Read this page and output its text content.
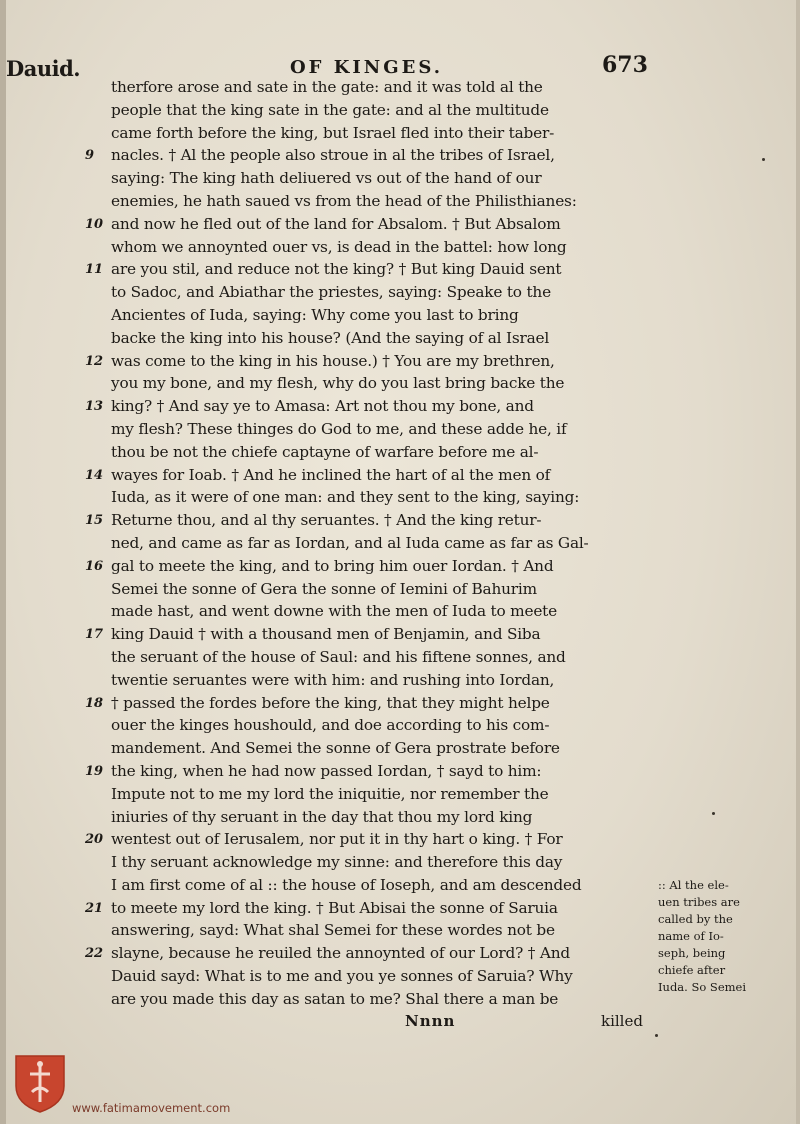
Dauid.	OF KINGES.	673
therfore arose and sate in the gate: and it was told al the
people that the king sate in the gate: and al the multitude
came forth before the king, but Israel fled into their taber-
9	nacles. † Al the people also stroue in al the tribes of Israel,
saying: The king hath deliuered vs out of the hand of our
enemies, he hath saued vs from the head of the Philisthianes:
10 and now he fled out of the land for Absalom. † But Absalom
whom we annoynted ouer vs, is dead in the battel: how long
11 are you stil, and reduce not the king? † But king Dauid sent
to Sadoc, and Abiathar the priestes, saying: Speake to the
Ancientes of Iuda, saying: Why come you last to bring
backe the king into his house? (And the saying of al Israel
12 was come to the king in his house.) † You are my brethren,
you my bone, and my flesh, why do you last bring backe the
13 king? † And say ye to Amasa: Art not thou my bone, and
my flesh? These thinges do God to me, and these adde he, if
thou be not the chiefe captayne of warfare before me al-
14 wayes for Ioab. † And he inclined the hart of al the men of
Iuda, as it were of one man: and they sent to the king, saying:
15 Returne thou, and al thy seruantes. † And the king retur-
ned, and came as far as Iordan, and al Iuda came as far as Gal-
16 gal to meete the king, and to bring him ouer Iordan. † And
Semei the sonne of Gera the sonne of Iemini of Bahurim
made hast, and went downe with the men of Iuda to meete
17 king Dauid † with a thousand men of Benjamin, and Siba
the seruant of the house of Saul: and his fiftene sonnes, and
twentie seruantes were with him: and rushing into Iordan,
18 † passed the fordes before the king, that they might helpe
ouer the kinges houshould, and doe according to his com-
mandement. And Semei the sonne of Gera prostrate before
19 the king, when he had now passed Iordan, † sayd to him:
Impute not to me my lord the iniquitie, nor remember the
iniuries of thy seruant in the day that thou my lord king
20 wentest out of Ierusalem, nor put it in thy hart o king. † For
I thy seruant acknowledge my sinne: and therefore this day
I am first come of al :: the house of Ioseph, and am descended
21 to meete my lord the king. † But Abisai the sonne of Saruia
answering, sayd: What shal Semei for these wordes not be
22 slayne, because he reuiled the annoynted of our Lord? † And
Dauid sayd: What is to me and you ye sonnes of Saruia? Why
are you made this day as satan to me? Shal there a man be
:: Al the ele-
uen tribes are
called by the
name of Io-
seph, being
chiefe after
Iuda. So Semei
Nnnn	killed
www.fatimamovement.com
